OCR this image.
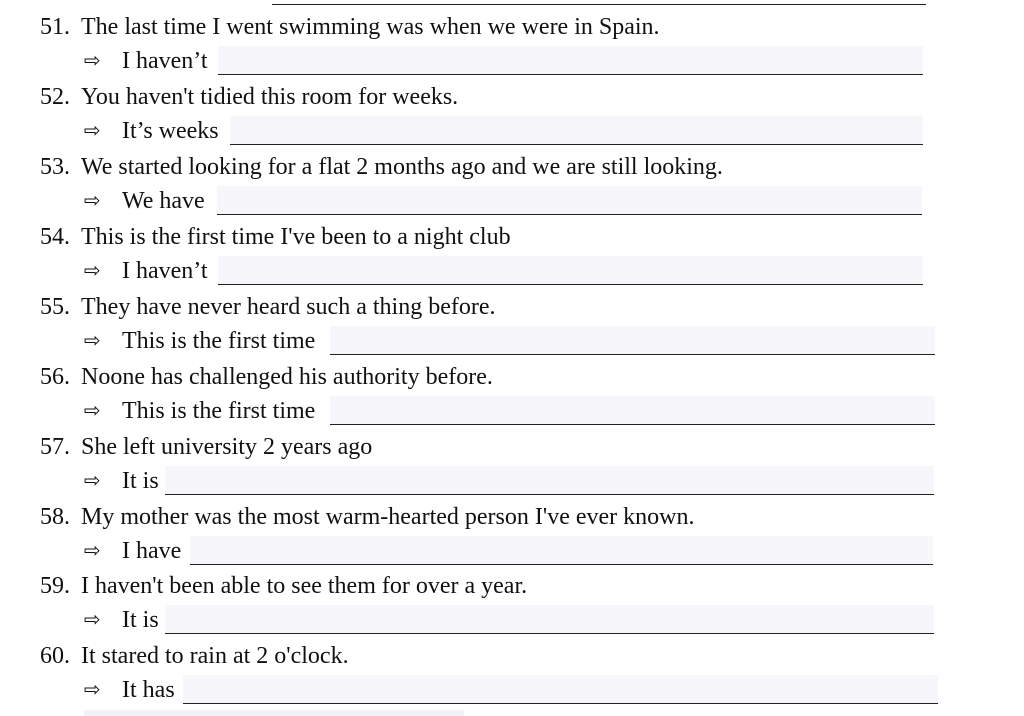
51. The last time I went swimming was when we were in Spain.
⇨ I haven’t
52. You haven't tidied this room for weeks.
⇨ It’s weeks
53. We started looking for a flat 2 months ago and we are still looking.
⇨ We have
54. This is the first time I've been to a night club
⇨ I haven’t
55. They have never heard such a thing before.
⇨ This is the first time
56. Noone has challenged his authority before.
⇨ This is the first time
57. She left university 2 years ago
⇨ It is
58. My mother was the most warm-hearted person I've ever known.
⇨ I have
59. I haven't been able to see them for over a year.
⇨ It is
60. It stared to rain at 2 o'clock.
⇨ It has
